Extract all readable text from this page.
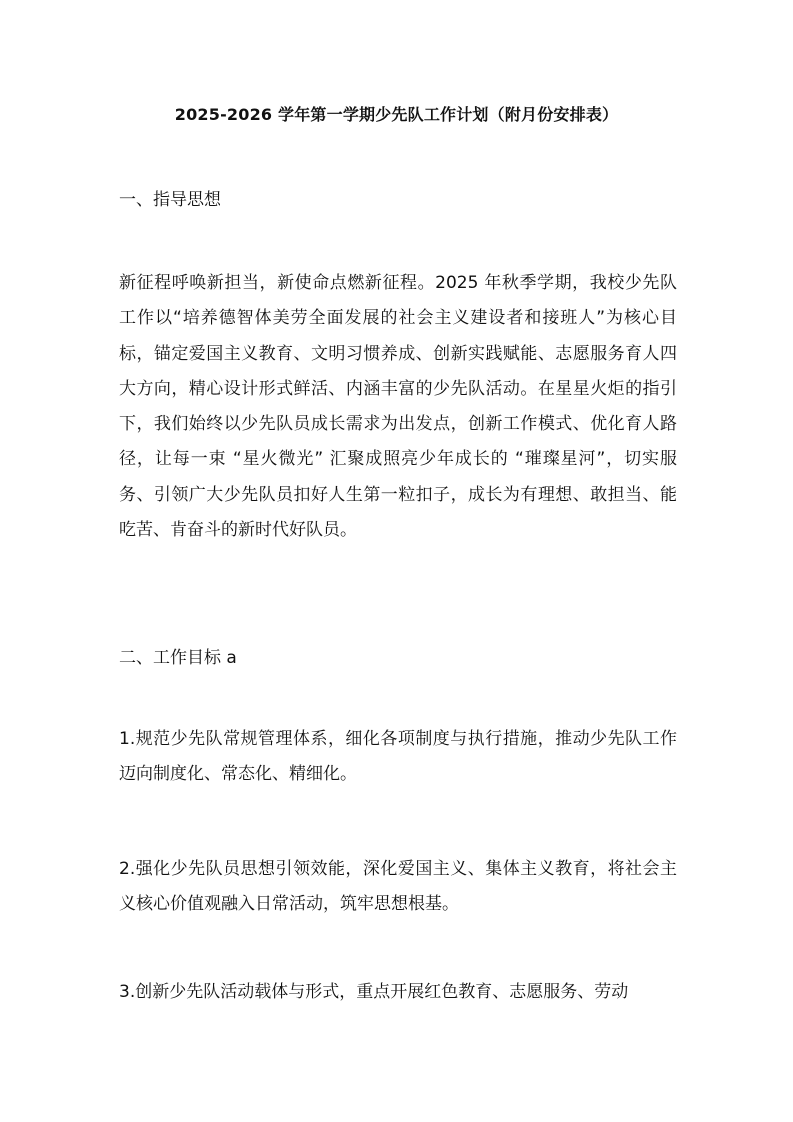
2025-2026 学年第一学期少先队工作计划（附月份安排表）
一、指导思想

新征程呼唤新担当，新使命点燃新征程。2025 年秋季学期，我校少先队工作以“培养德智体美劳全面发展的社会主义建设者和接班人”为核心目标，锚定爱国主义教育、文明习惯养成、创新实践赋能、志愿服务育人四大方向，精心设计形式鲜活、内涵丰富的少先队活动。在星星火炬的指引下，我们始终以少先队员成长需求为出发点，创新工作模式、优化育人路径，让每一束 “星火微光” 汇聚成照亮少年成长的 “璀璨星河”，切实服务、引领广大少先队员扣好人生第一粒扣子，成长为有理想、敢担当、能吃苦、肯奋斗的新时代好队员。

二、工作目标 a

1.规范少先队常规管理体系，细化各项制度与执行措施，推动少先队工作迈向制度化、常态化、精细化。

2.强化少先队员思想引领效能，深化爱国主义、集体主义教育，将社会主义核心价值观融入日常活动，筑牢思想根基。

3.创新少先队活动载体与形式，重点开展红色教育、志愿服务、劳动
